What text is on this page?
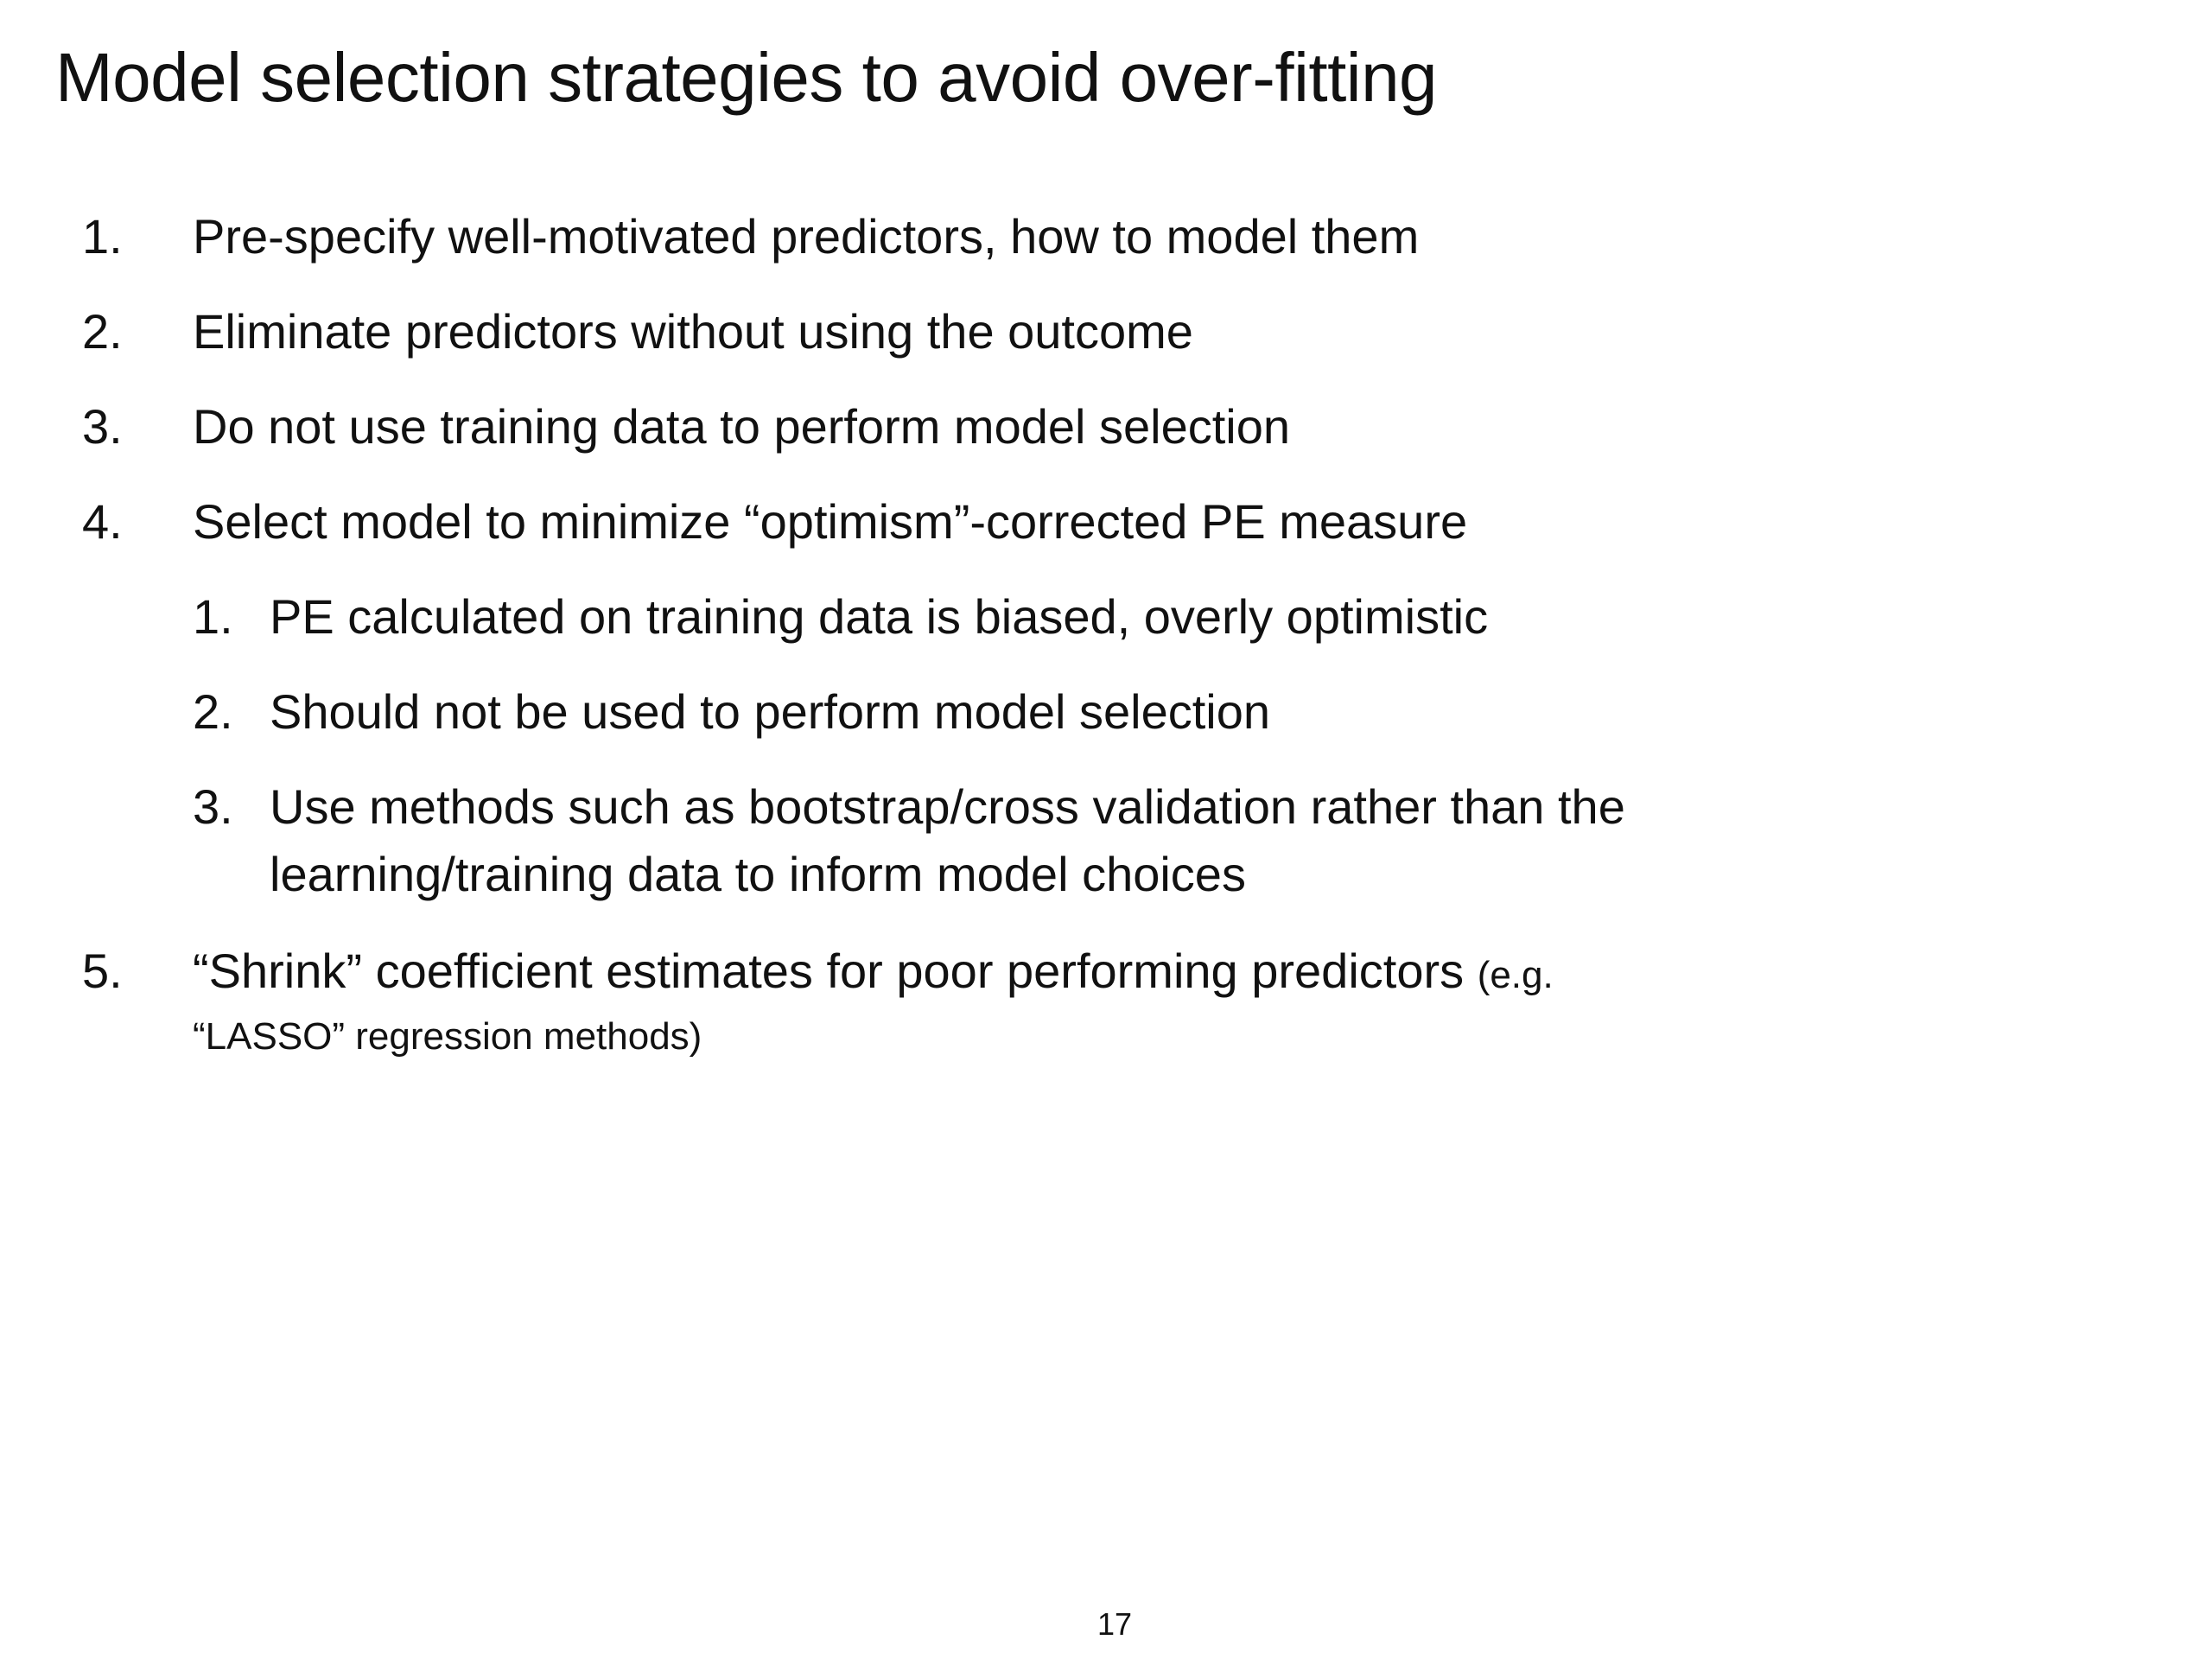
Model selection strategies to avoid over-fitting
1. Pre-specify well-motivated predictors, how to model them
2. Eliminate predictors without using the outcome
3. Do not use training data to perform model selection
4. Select model to minimize “optimism”-corrected PE measure
1. PE calculated on training data is biased, overly optimistic
2. Should not be used to perform model selection
3. Use methods such as bootstrap/cross validation rather than the
learning/training data to inform model choices
5. “Shrink” coefficient estimates for poor performing predictors (e.g.
“LASSO” regression methods)
17
